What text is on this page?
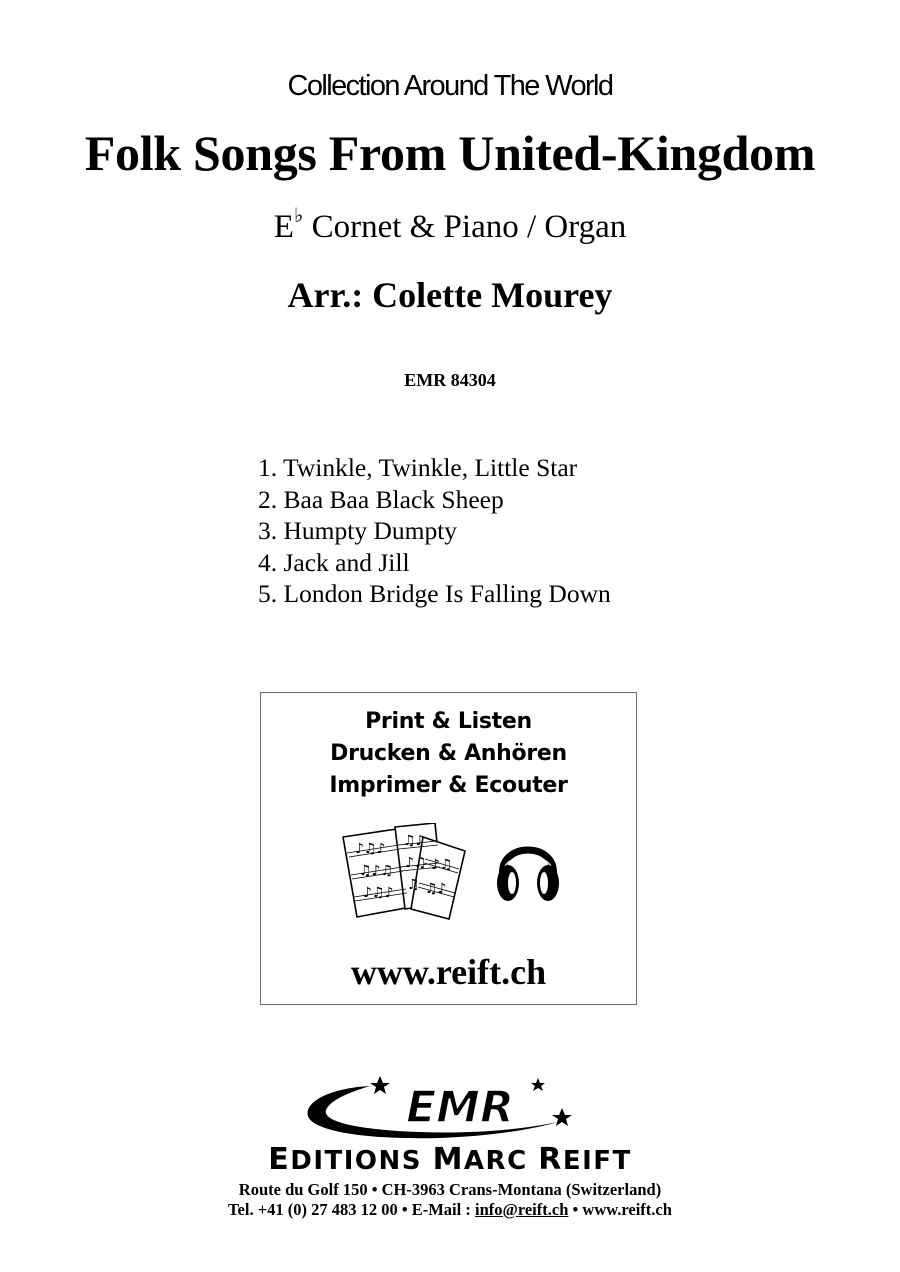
Collection Around The World
Folk Songs From United-Kingdom
E♭ Cornet & Piano / Organ
Arr.: Colette Mourey
EMR 84304
1. Twinkle, Twinkle, Little Star
2. Baa Baa Black Sheep
3. Humpty Dumpty
4. Jack and Jill
5. London Bridge Is Falling Down
Print & Listen
Drucken & Anhören
Imprimer & Ecouter
♪♫♪
♫♪♫
♪♫♪
♫♪
♪♫
♫
♪♫
♫♪
www.reift.ch
EMR
EDITIONS MARC REIFT
Route du Golf 150 • CH-3963 Crans-Montana (Switzerland)
Tel. +41 (0) 27 483 12 00 • E-Mail : info@reift.ch • www.reift.ch
